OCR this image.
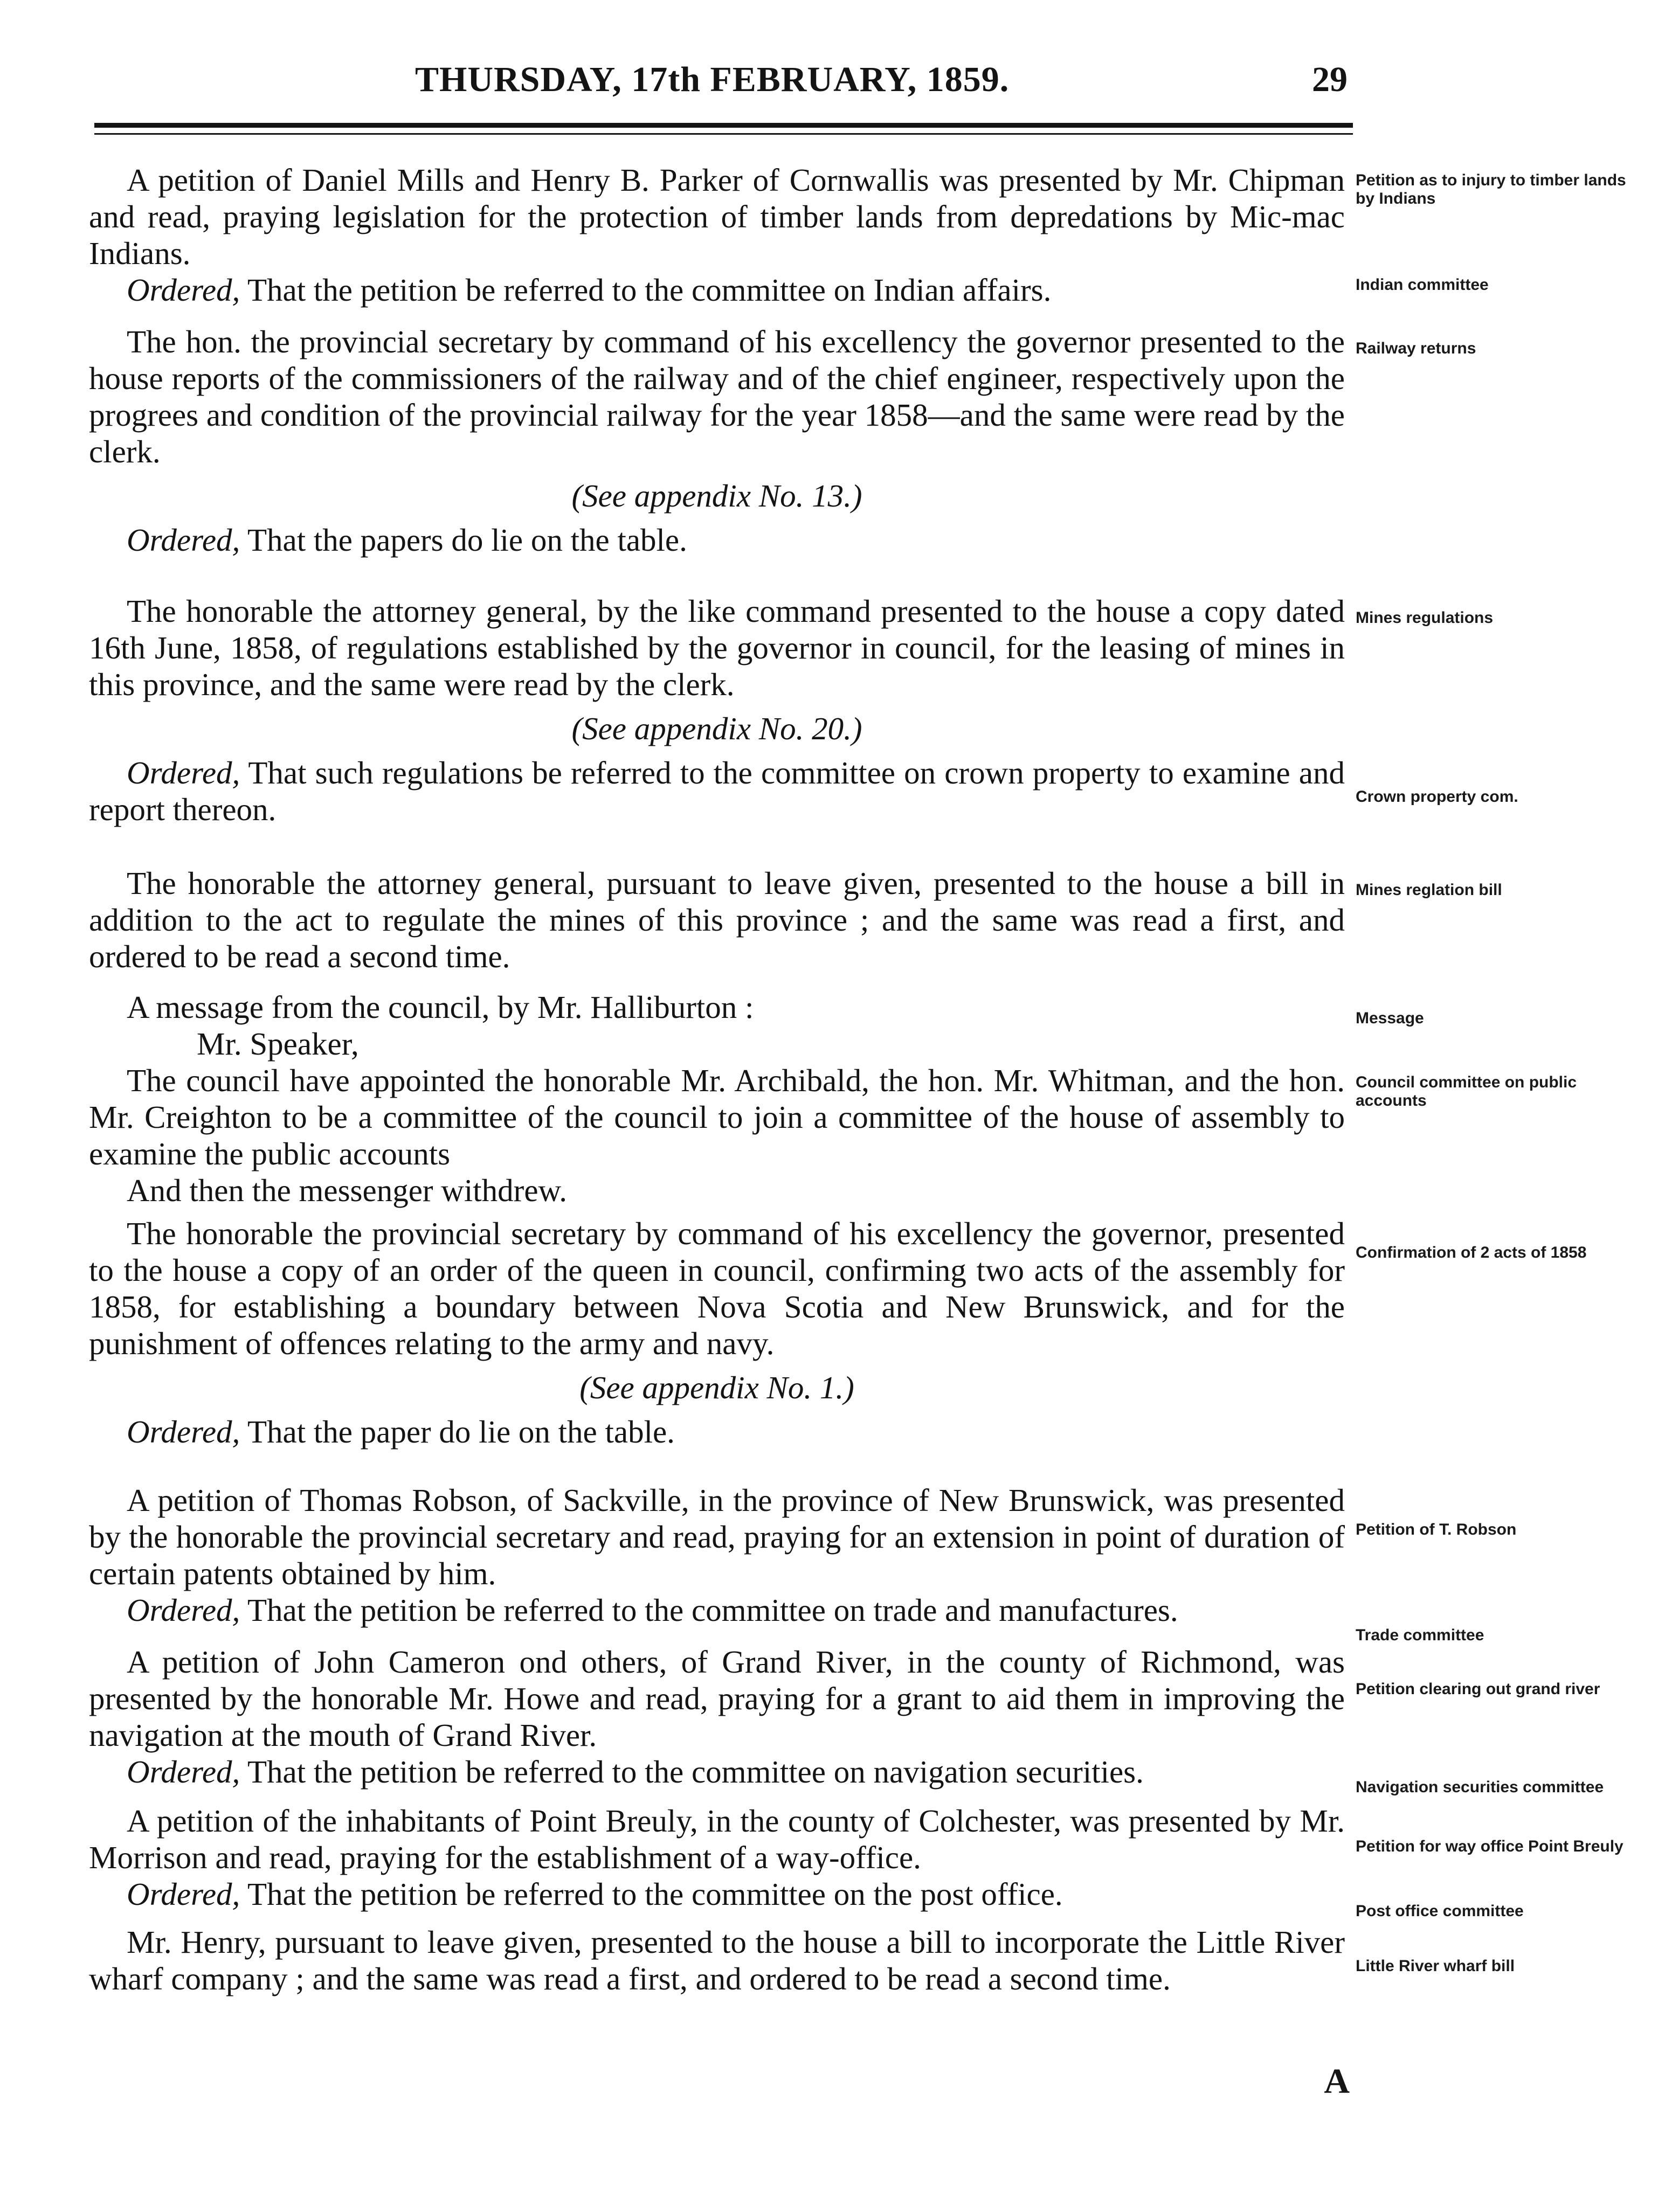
THURSDAY, 17th FEBRUARY, 1859.	29

A petition of Daniel Mills and Henry B. Parker of Cornwallis was presented by Mr. Chipman and read, praying legislation for the protection of timber lands from depredations by Mic-mac Indians.

Ordered, That the petition be referred to the committee on Indian affairs.

The hon. the provincial secretary by command of his excellency the governor presented to the house reports of the commissioners of the railway and of the chief engineer, respectively upon the progrees and condition of the provincial railway for the year 1858—and the same were read by the clerk.

(See appendix No. 13.)

Ordered, That the papers do lie on the table.

The honorable the attorney general, by the like command presented to the house a copy dated 16th June, 1858, of regulations established by the governor in council, for the leasing of mines in this province, and the same were read by the clerk.

(See appendix No. 20.)

Ordered, That such regulations be referred to the committee on crown property to examine and report thereon.

The honorable the attorney general, pursuant to leave given, presented to the house a bill in addition to the act to regulate the mines of this province ; and the same was read a first, and ordered to be read a second time.

A message from the council, by Mr. Halliburton :

Mr. Speaker,

The council have appointed the honorable Mr. Archibald, the hon. Mr. Whitman, and the hon. Mr. Creighton to be a committee of the council to join a committee of the house of assembly to examine the public accounts

And then the messenger withdrew.

The honorable the provincial secretary by command of his excellency the governor, presented to the house a copy of an order of the queen in council, confirming two acts of the assembly for 1858, for establishing a boundary between Nova Scotia and New Brunswick, and for the punishment of offences relating to the army and navy.

(See appendix No. 1.)

Ordered, That the paper do lie on the table.

A petition of Thomas Robson, of Sackville, in the province of New Brunswick, was presented by the honorable the provincial secretary and read, praying for an extension in point of duration of certain patents obtained by him.

Ordered, That the petition be referred to the committee on trade and manufactures.

A petition of John Cameron ond others, of Grand River, in the county of Richmond, was presented by the honorable Mr. Howe and read, praying for a grant to aid them in improving the navigation at the mouth of Grand River.

Ordered, That the petition be referred to the committee on navigation securities.

A petition of the inhabitants of Point Breuly, in the county of Colchester, was presented by Mr. Morrison and read, praying for the establishment of a way-office.

Ordered, That the petition be referred to the committee on the post office.

Mr. Henry, pursuant to leave given, presented to the house a bill to incorporate the Little River wharf company ; and the same was read a first, and ordered to be read a second time.

Petition as to injury to timber lands by Indians
Indian committee
Railway returns
Mines regulations
Crown property com.
Mines reglation bill
Message
Council committee on public accounts
Confirmation of 2 acts of 1858
Petition of T. Robson
Trade committee
Petition clearing out grand river
Navigation securities committee
Petition for way office Point Breuly
Post office committee
Little River wharf bill
A
